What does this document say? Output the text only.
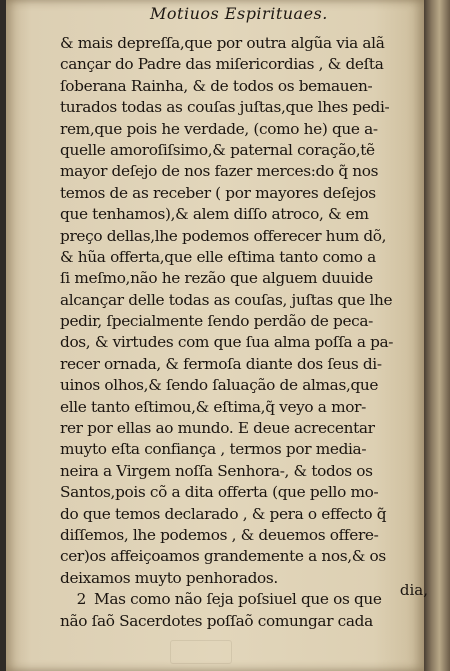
Motiuos Espirituaes.
& mais depreſſa,que por outra algũa via alã
cançar do Padre das miſericordias , & deſta
ſoberana Rainha, & de todos os bemauen-
turados todas as couſas juſtas,que lhes pedi-
rem,que pois he verdade, (como he) que a-
quelle amoroſiſsimo,& paternal coração,tẽ
mayor deſejo de nos fazer merces:do q̃ nos
temos de as receber ( por mayores deſejos
que tenhamos),& alem diſſo atroco, & em
preço dellas,lhe podemos offerecer hum dõ,
& hũa offerta,que elle eſtima tanto como a
ſi meſmo,não he rezão que alguem duuide
alcançar delle todas as couſas, juſtas que lhe
pedir, ſpecialmente ſendo perdão de peca-
dos, & virtudes com que ſua alma poſſa a pa-
recer ornada, & fermoſa diante dos ſeus di-
uinos olhos,& ſendo ſaluação de almas,que
elle tanto eſtimou,& eſtima,q̃ veyo a mor-
rer por ellas ao mundo. E deue acrecentar
muyto eſta confiança , termos por media-
neira a Virgem noſſa Senhora-, & todos os
Santos,pois cõ a dita offerta (que pello mo-
do que temos declarado , & pera o effecto q̃
diſſemos, lhe podemos , & deuemos offere-
cer)os affeiçoamos grandemente a nos,& os
deixamos muyto penhorados.
2 Mas como não ſeja poſsiuel que os que
não ſaõ Sacerdotes poſſaõ comungar cada
dia,
